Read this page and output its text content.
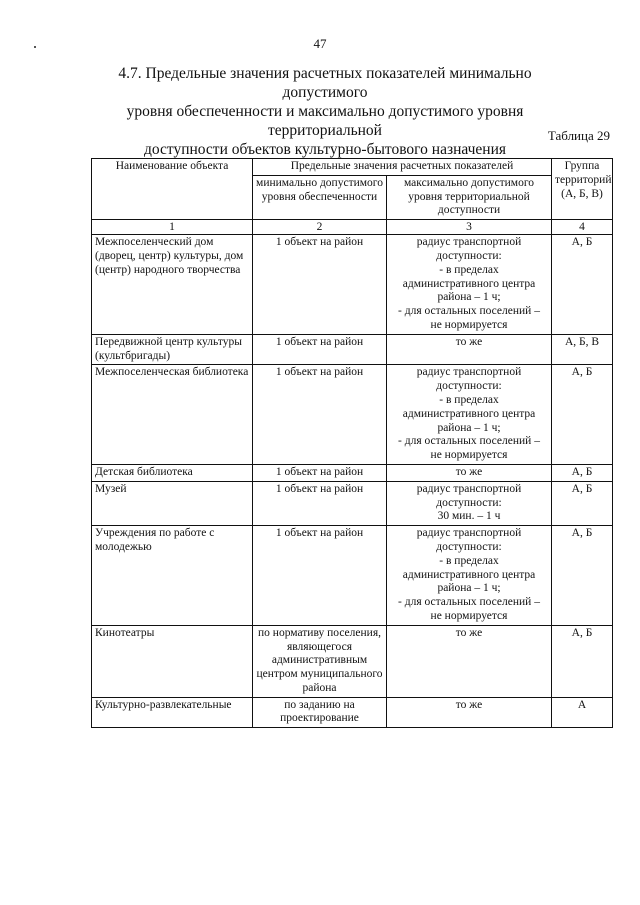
47
4.7. Предельные значения расчетных показателей минимально допустимого
уровня обеспеченности и максимально допустимого уровня территориальной
доступности объектов культурно-бытового назначения
Таблица 29
Наименование объекта	Предельные значения расчетных показателей		Группа территорий (А, Б, В)
	минимально допустимого уровня обеспеченности	максимально допустимого уровня территориальной доступности	
1	2	3	4
Межпоселенческий дом (дворец, центр) культуры, дом (центр) народного творчества	1 объект на район	радиус транспортной доступности:
- в пределах административного центра района – 1 ч;
- для остальных поселений –
не нормируется	А, Б
Передвижной центр культуры (культбригады)	1 объект на район	то же	А, Б, В
Межпоселенческая библиотека	1 объект на район	радиус транспортной доступности:
- в пределах административного центра района – 1 ч;
- для остальных поселений –
не нормируется	А, Б
Детская библиотека	1 объект на район	то же	А, Б
Музей	1 объект на район	радиус транспортной доступности:
30 мин. – 1 ч	А, Б
Учреждения по работе с молодежью	1 объект на район	радиус транспортной доступности:
- в пределах административного центра района – 1 ч;
- для остальных поселений –
не нормируется	А, Б
Кинотеатры	по нормативу поселения, являющегося административным центром муниципального района	то же	А, Б
Культурно-развлекательные	по заданию на проектирование	то же	А
